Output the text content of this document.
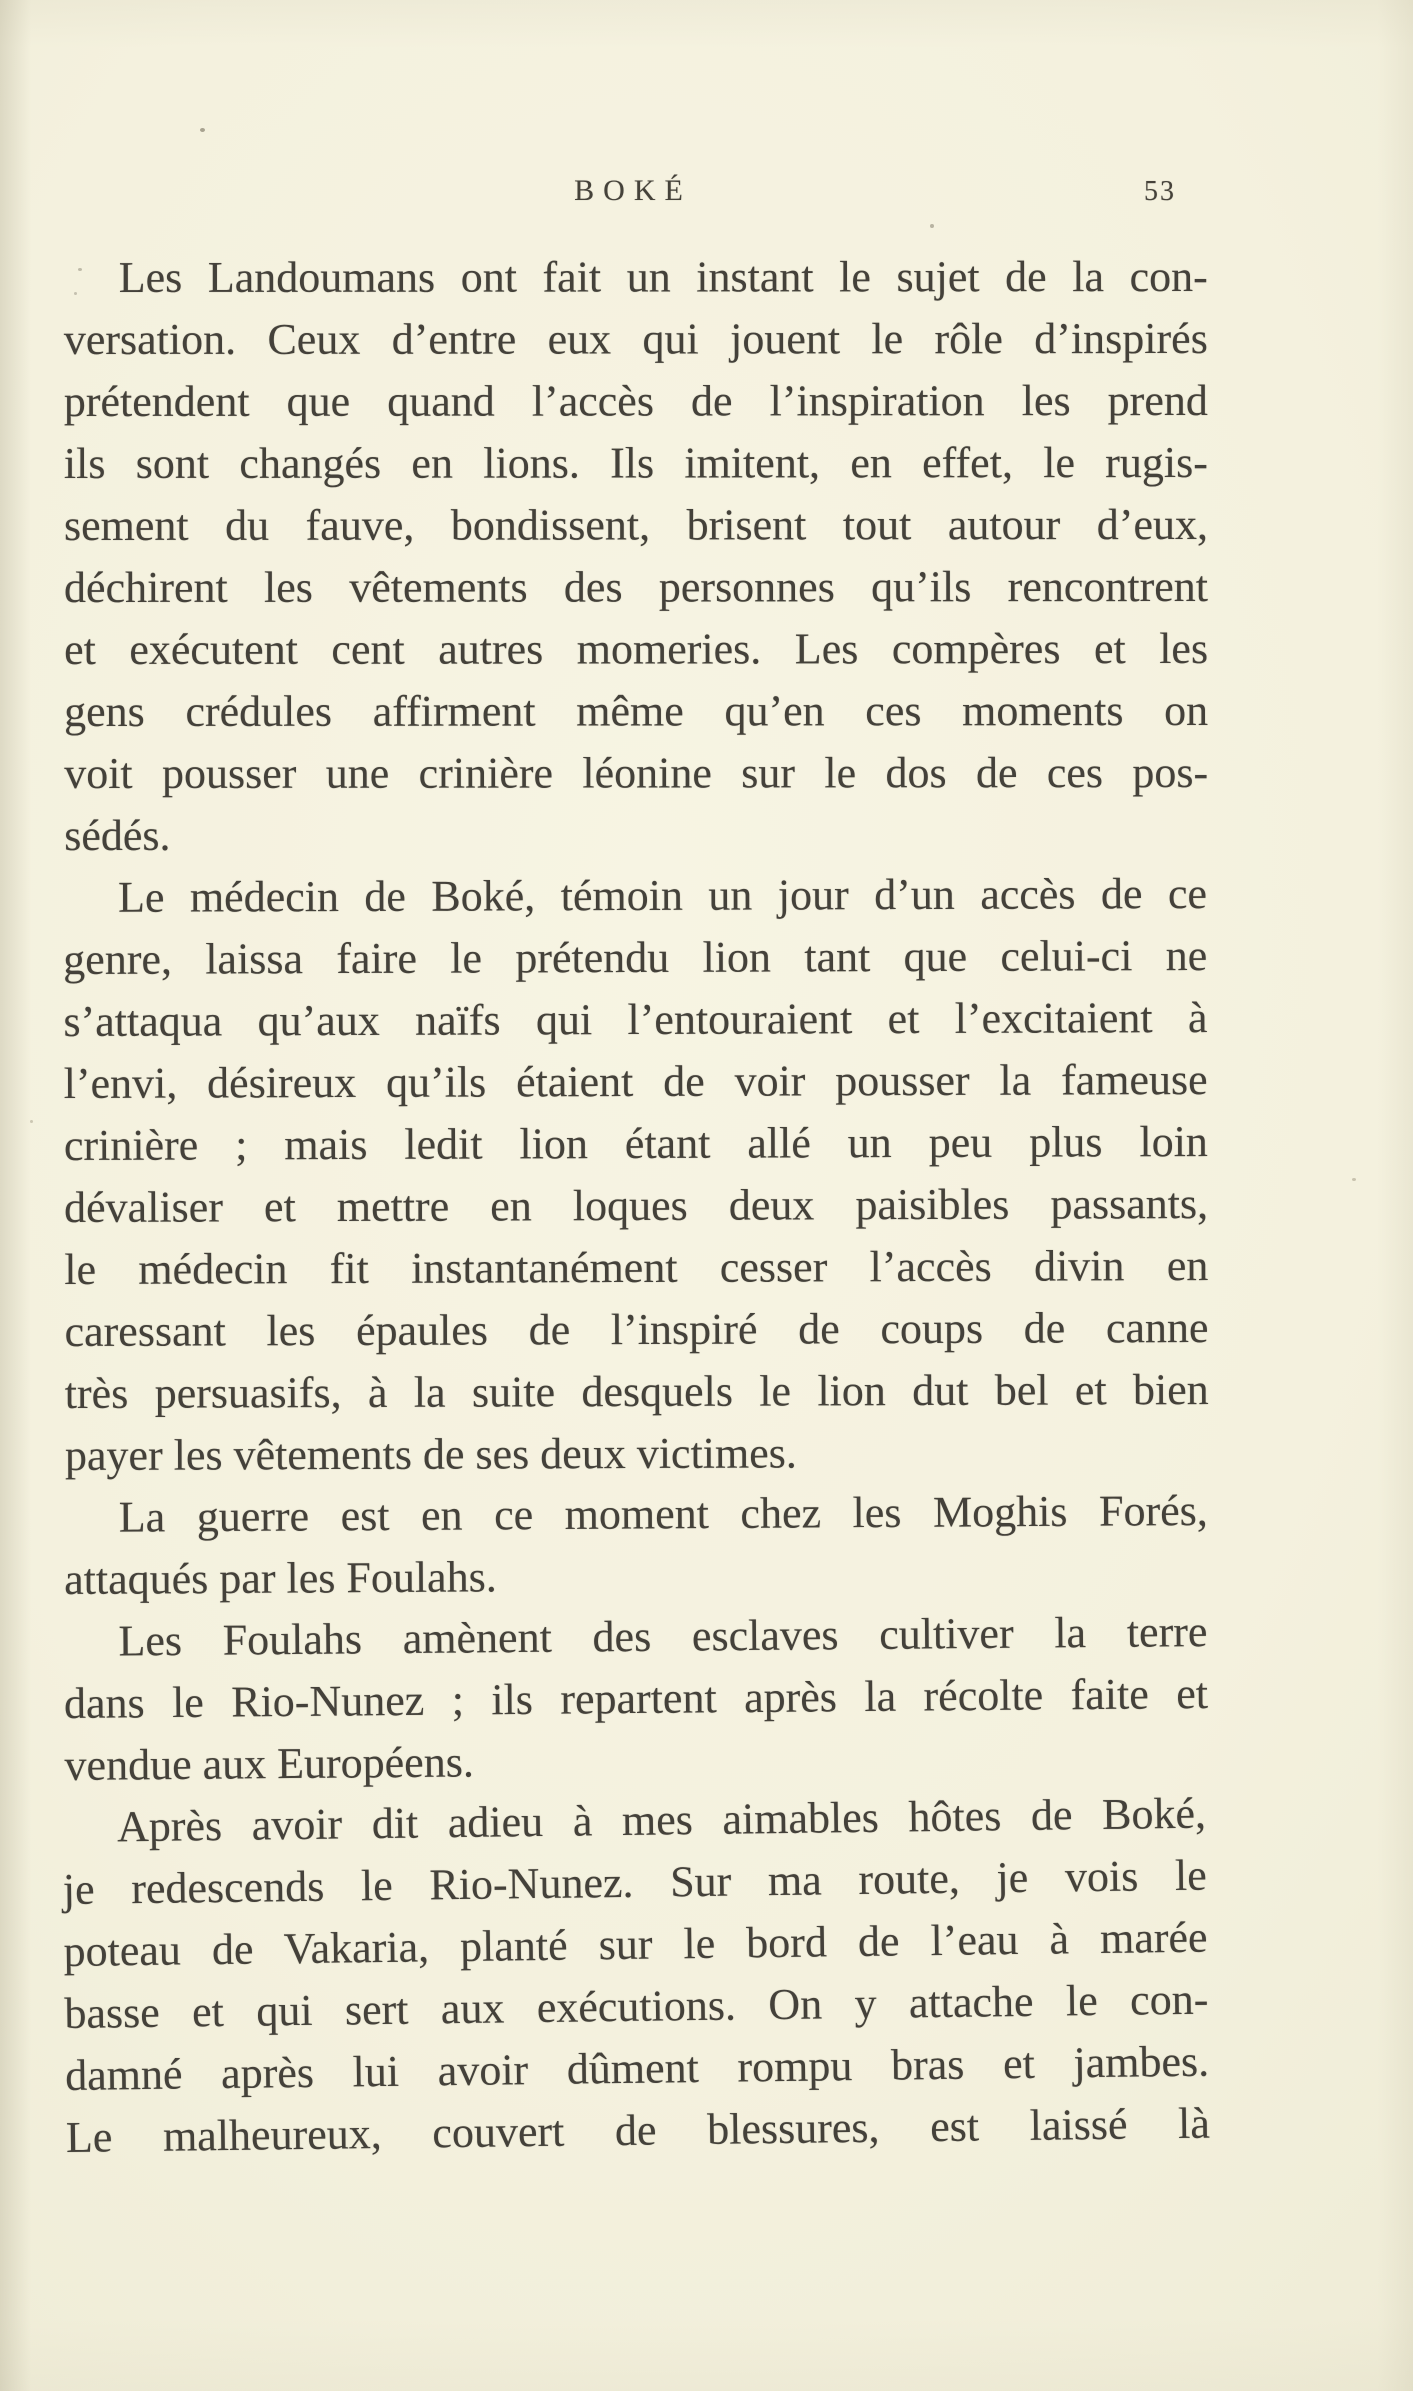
BOKÉ	53
Les Landoumans ont fait un instant le sujet de la con-
versation. Ceux d’entre eux qui jouent le rôle d’inspirés
prétendent que quand l’accès de l’inspiration les prend
ils sont changés en lions. Ils imitent, en effet, le rugis-
sement du fauve, bondissent, brisent tout autour d’eux,
déchirent les vêtements des personnes qu’ils rencontrent
et exécutent cent autres momeries. Les compères et les
gens crédules affirment même qu’en ces moments on
voit pousser une crinière léonine sur le dos de ces pos-
sédés.
Le médecin de Boké, témoin un jour d’un accès de ce
genre, laissa faire le prétendu lion tant que celui-ci ne
s’attaqua qu’aux naïfs qui l’entouraient et l’excitaient à
l’envi, désireux qu’ils étaient de voir pousser la fameuse
crinière ; mais ledit lion étant allé un peu plus loin
dévaliser et mettre en loques deux paisibles passants,
le médecin fit instantanément cesser l’accès divin en
caressant les épaules de l’inspiré de coups de canne
très persuasifs, à la suite desquels le lion dut bel et bien
payer les vêtements de ses deux victimes.
La guerre est en ce moment chez les Moghis Forés,
attaqués par les Foulahs.
Les Foulahs amènent des esclaves cultiver la terre
dans le Rio-Nunez ; ils repartent après la récolte faite et
vendue aux Européens.
Après avoir dit adieu à mes aimables hôtes de Boké,
je redescends le Rio-Nunez. Sur ma route, je vois le
poteau de Vakaria, planté sur le bord de l’eau à marée
basse et qui sert aux exécutions. On y attache le con-
damné après lui avoir dûment rompu bras et jambes.
Le malheureux, couvert de blessures, est laissé là
